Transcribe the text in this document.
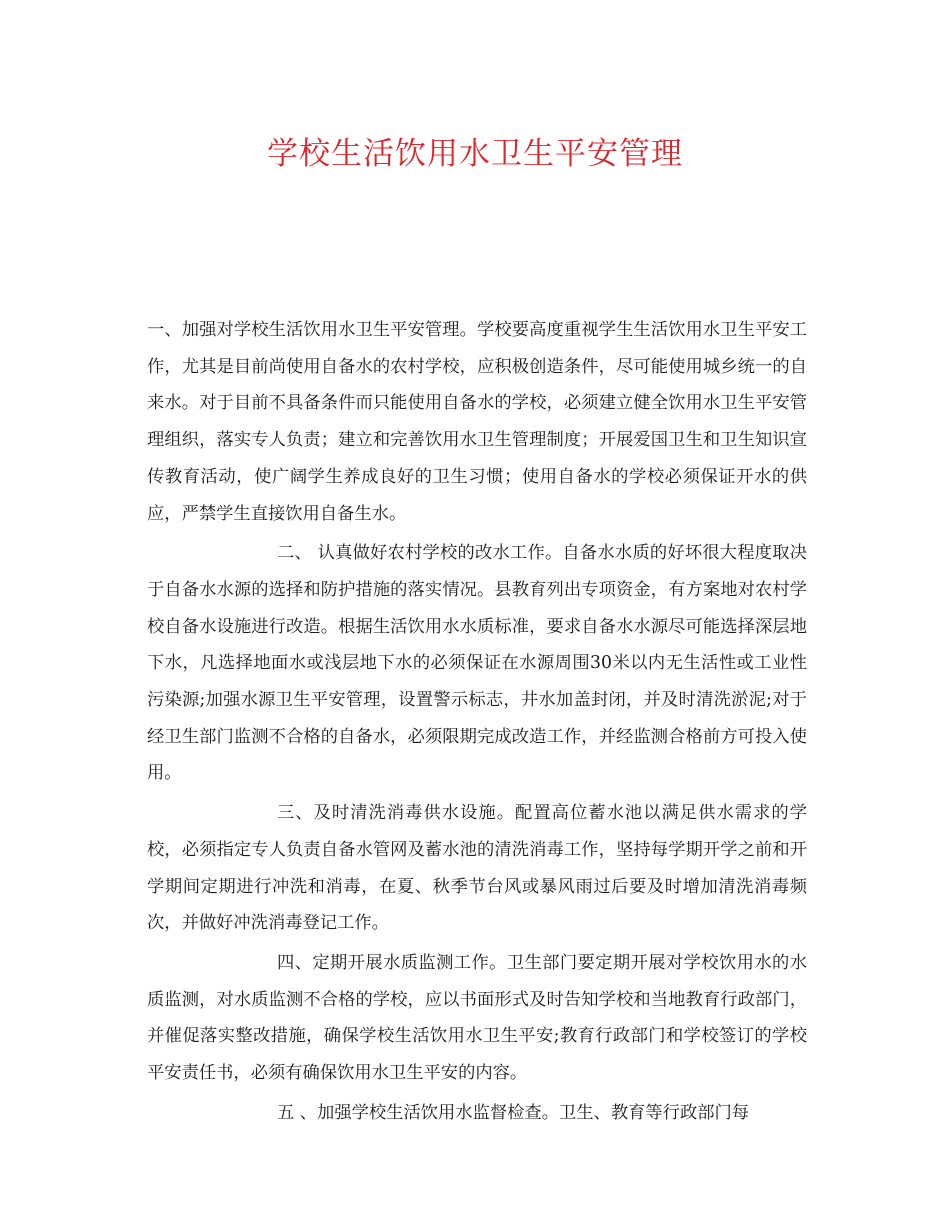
学校生活饮用水卫生平安管理

一、加强对学校生活饮用水卫生平安管理。学校要高度重视学生生活饮用水卫生平安工作，尤其是目前尚使用自备水的农村学校，应积极创造条件，尽可能使用城乡统一的自来水。对于目前不具备条件而只能使用自备水的学校，必须建立健全饮用水卫生平安管理组织，落实专人负责；建立和完善饮用水卫生管理制度；开展爱国卫生和卫生知识宣传教育活动，使广阔学生养成良好的卫生习惯；使用自备水的学校必须保证开水的供应，严禁学生直接饮用自备生水。

二、 认真做好农村学校的改水工作。自备水水质的好坏很大程度取决于自备水水源的选择和防护措施的落实情况。县教育列出专项资金，有方案地对农村学校自备水设施进行改造。根据生活饮用水水质标准，要求自备水水源尽可能选择深层地下水，凡选择地面水或浅层地下水的必须保证在水源周围30米以内无生活性或工业性污染源;加强水源卫生平安管理，设置警示标志，井水加盖封闭，并及时清洗淤泥;对于经卫生部门监测不合格的自备水，必须限期完成改造工作，并经监测合格前方可投入使用。

三、及时清洗消毒供水设施。配置高位蓄水池以满足供水需求的学校，必须指定专人负责自备水管网及蓄水池的清洗消毒工作，坚持每学期开学之前和开学期间定期进行冲洗和消毒，在夏、秋季节台风或暴风雨过后要及时增加清洗消毒频次，并做好冲洗消毒登记工作。

四、定期开展水质监测工作。卫生部门要定期开展对学校饮用水的水质监测，对水质监测不合格的学校，应以书面形式及时告知学校和当地教育行政部门，并催促落实整改措施，确保学校生活饮用水卫生平安;教育行政部门和学校签订的学校平安责任书，必须有确保饮用水卫生平安的内容。

五 、加强学校生活饮用水监督检查。卫生、教育等行政部门每
